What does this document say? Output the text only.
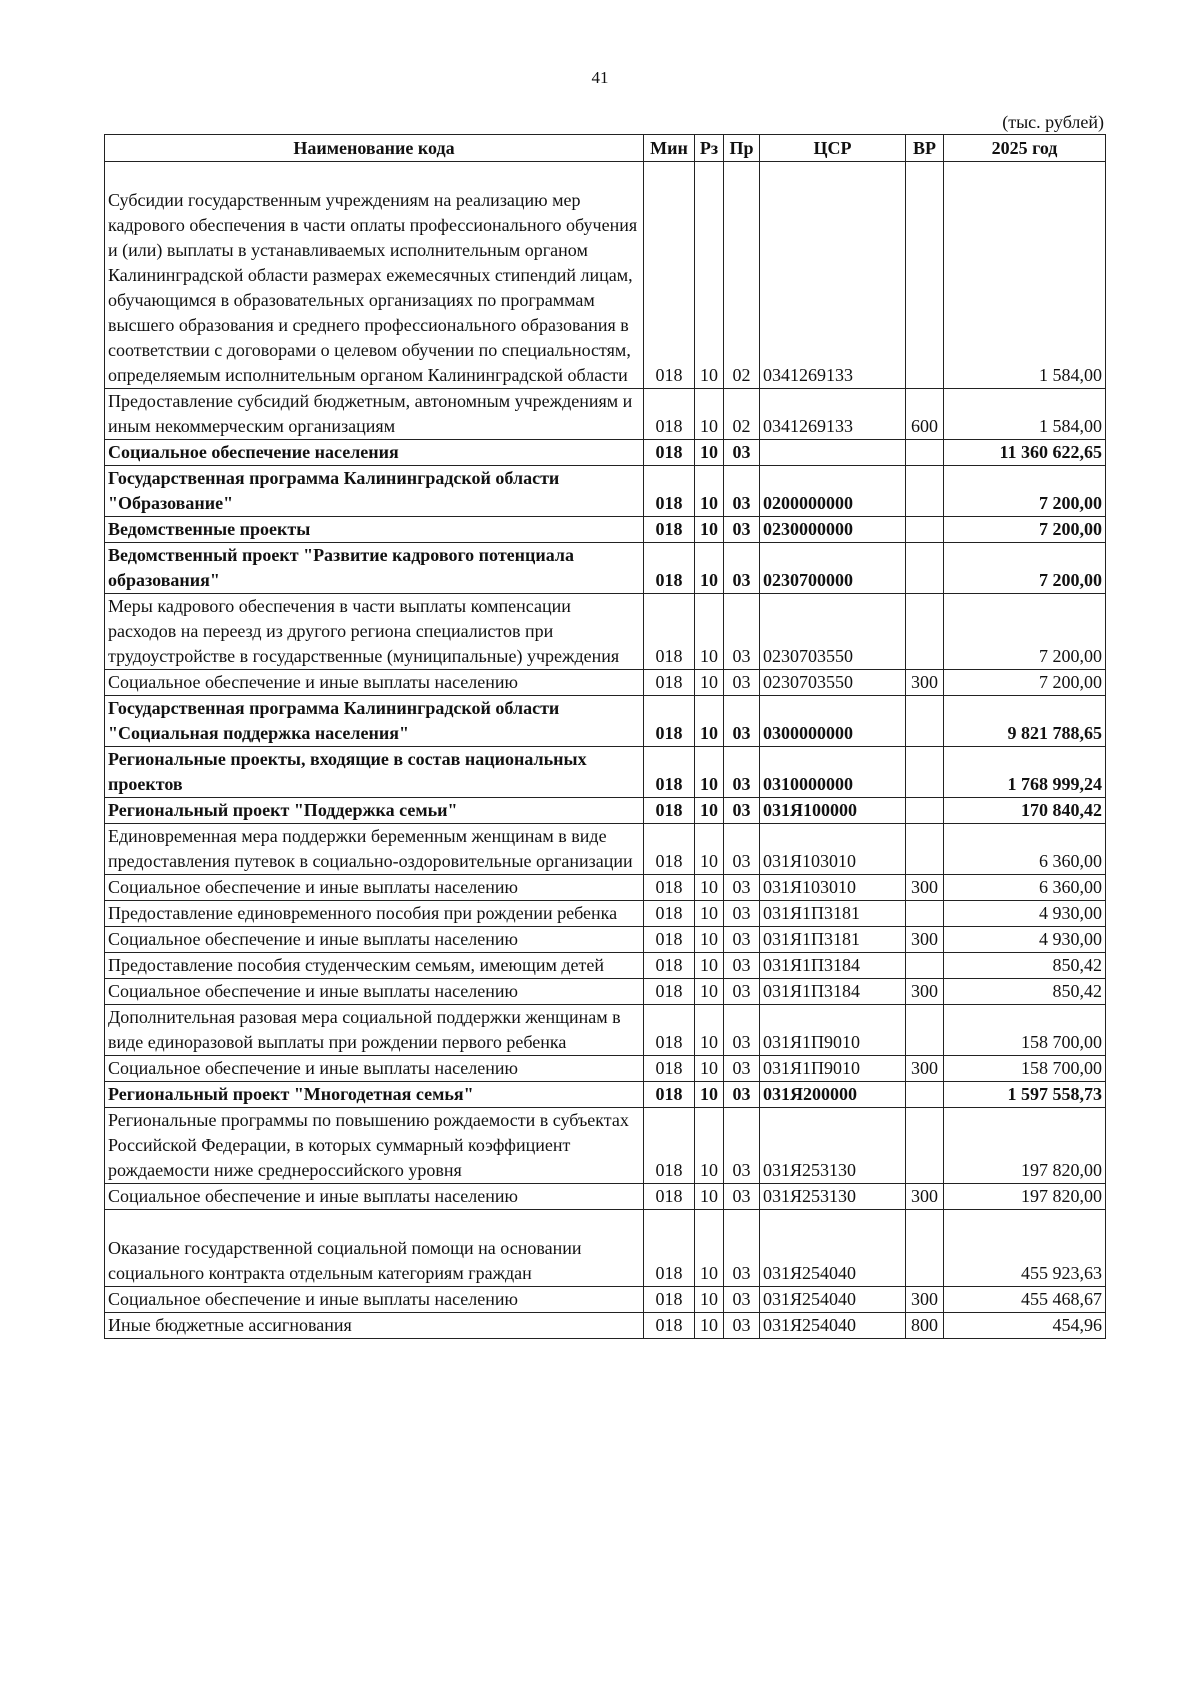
41
(тыс. рублей)
Наименование кода	Мин	Рз	Пр	ЦСР	ВР	2025 год
Субсидии государственным учреждениям на реализацию мер кадрового обеспечения в части оплаты профессионального обучения и (или) выплаты в устанавливаемых исполнительным органом Калининградской области размерах ежемесячных стипендий лицам, обучающимся в образовательных организациях по программам высшего образования и среднего профессионального образования в соответствии с договорами о целевом обучении по специальностям, определяемым исполнительным органом Калининградской области	018	10	02	0341269133		1 584,00
Предоставление субсидий бюджетным, автономным учреждениям и иным некоммерческим организациям	018	10	02	0341269133	600	1 584,00
Социальное обеспечение населения	018	10	03			11 360 622,65
Государственная программа Калининградской области "Образование"	018	10	03	0200000000		7 200,00
Ведомственные проекты	018	10	03	0230000000		7 200,00
Ведомственный проект "Развитие кадрового потенциала образования"	018	10	03	0230700000		7 200,00
Меры кадрового обеспечения в части выплаты компенсации расходов на переезд из другого региона специалистов при трудоустройстве в государственные (муниципальные) учреждения	018	10	03	0230703550		7 200,00
Социальное обеспечение и иные выплаты населению	018	10	03	0230703550	300	7 200,00
Государственная программа Калининградской области "Социальная поддержка населения"	018	10	03	0300000000		9 821 788,65
Региональные проекты, входящие в состав национальных проектов	018	10	03	0310000000		1 768 999,24
Региональный проект "Поддержка семьи"	018	10	03	031Я100000		170 840,42
Единовременная мера поддержки беременным женщинам в виде предоставления путевок в социально-оздоровительные организации	018	10	03	031Я103010		6 360,00
Социальное обеспечение и иные выплаты населению	018	10	03	031Я103010	300	6 360,00
Предоставление единовременного пособия при рождении ребенка	018	10	03	031Я1П3181		4 930,00
Социальное обеспечение и иные выплаты населению	018	10	03	031Я1П3181	300	4 930,00
Предоставление пособия студенческим семьям, имеющим детей	018	10	03	031Я1П3184		850,42
Социальное обеспечение и иные выплаты населению	018	10	03	031Я1П3184	300	850,42
Дополнительная разовая мера социальной поддержки женщинам в виде единоразовой выплаты при рождении первого ребенка	018	10	03	031Я1П9010		158 700,00
Социальное обеспечение и иные выплаты населению	018	10	03	031Я1П9010	300	158 700,00
Региональный проект "Многодетная семья"	018	10	03	031Я200000		1 597 558,73
Региональные программы по повышению рождаемости в субъектах Российской Федерации, в которых суммарный коэффициент рождаемости ниже среднероссийского уровня	018	10	03	031Я253130		197 820,00
Социальное обеспечение и иные выплаты населению	018	10	03	031Я253130	300	197 820,00
Оказание государственной социальной помощи на основании социального контракта отдельным категориям граждан	018	10	03	031Я254040		455 923,63
Социальное обеспечение и иные выплаты населению	018	10	03	031Я254040	300	455 468,67
Иные бюджетные ассигнования	018	10	03	031Я254040	800	454,96
